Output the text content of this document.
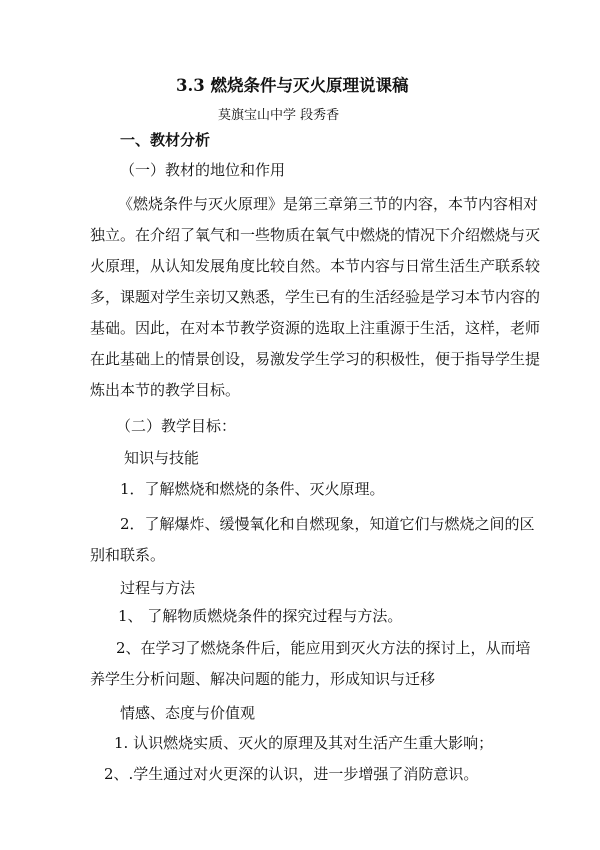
3.3 燃烧条件与灭火原理说课稿
莫旗宝山中学 段秀香
一、教材分析
（一）教材的地位和作用
《燃烧条件与灭火原理》是第三章第三节的内容，本节内容相对
独立。在介绍了氧气和一些物质在氧气中燃烧的情况下介绍燃烧与灭
火原理，从认知发展角度比较自然。本节内容与日常生活生产联系较
多，课题对学生亲切又熟悉，学生已有的生活经验是学习本节内容的
基础。因此，在对本节教学资源的选取上注重源于生活，这样，老师
在此基础上的情景创设，易激发学生学习的积极性，便于指导学生提
炼出本节的教学目标。
（二）教学目标：
知识与技能
1．了解燃烧和燃烧的条件、灭火原理。
2．了解爆炸、缓慢氧化和自燃现象，知道它们与燃烧之间的区
别和联系。
过程与方法
1、 了解物质燃烧条件的探究过程与方法。
2、在学习了燃烧条件后，能应用到灭火方法的探讨上，从而培
养学生分析问题、解决问题的能力，形成知识与迁移
情感、态度与价值观
1. 认识燃烧实质、灭火的原理及其对生活产生重大影响；
2、.学生通过对火更深的认识，进一步增强了消防意识。
